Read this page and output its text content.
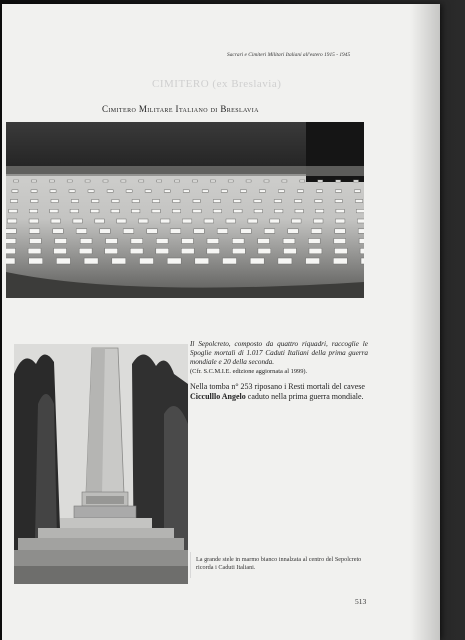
Sacrari e Cimiteri Militari Italiani all'estero 1915 - 1945
CIMITERO (ex Breslavia)
Cimitero Militare Italiano di Breslavia

Il Sepolcreto, composto da quattro riquadri, raccoglie le Spoglie mortali di 1.017 Caduti Italiani della prima guerra mondiale e 20 della seconda.

(Cfr. S.C.M.I.E. edizione aggiornata al 1999).

Nella tomba n° 253 riposano i Resti mortali del cavese Cicculllo Angelo caduto nella prima guerra mondiale.

La grande stele in marmo bianco innalzata al centro del Sepolcreto ricorda i Caduti Italiani.
513
